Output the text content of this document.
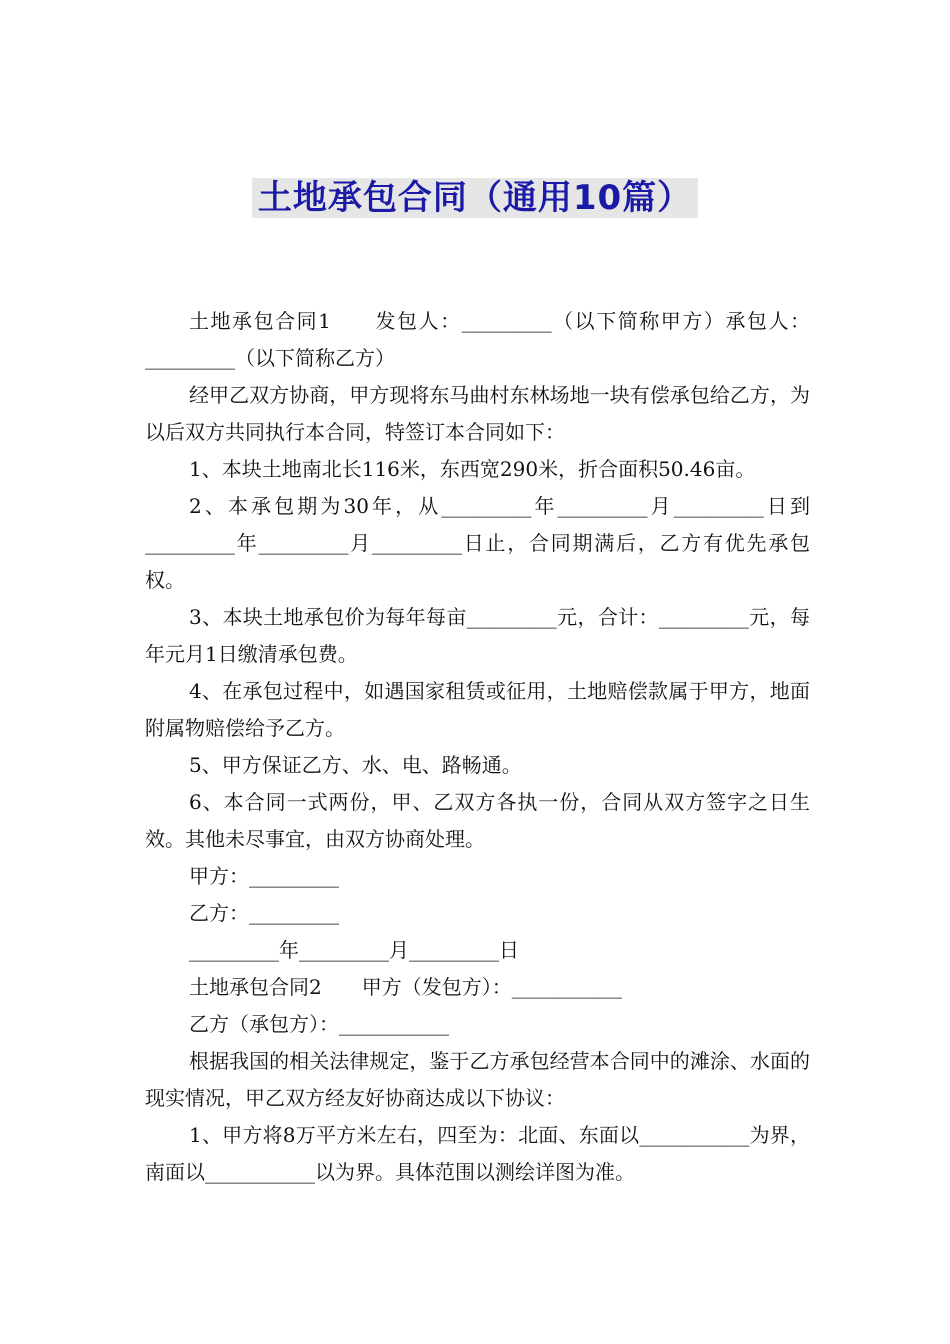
土地承包合同（通用10篇）

土地承包合同1　　发包人：_________（以下简称甲方）承包人：_________（以下简称乙方）

经甲乙双方协商，甲方现将东马曲村东林场地一块有偿承包给乙方，为以后双方共同执行本合同，特签订本合同如下：

1、本块土地南北长116米，东西宽290米，折合面积50.46亩。

2、本承包期为30年，从_________年_________月_________日到_________年_________月_________日止，合同期满后，乙方有优先承包权。

3、本块土地承包价为每年每亩_________元，合计：_________元，每年元月1日缴清承包费。

4、在承包过程中，如遇国家租赁或征用，土地赔偿款属于甲方，地面附属物赔偿给予乙方。

5、甲方保证乙方、水、电、路畅通。

6、本合同一式两份，甲、乙双方各执一份，合同从双方签字之日生效。其他未尽事宜，由双方协商处理。

甲方：_________

乙方：_________

_________年_________月_________日

土地承包合同2　　甲方（发包方）：___________

乙方（承包方）：___________

根据我国的相关法律规定，鉴于乙方承包经营本合同中的滩涂、水面的现实情况，甲乙双方经友好协商达成以下协议：

1、甲方将8万平方米左右，四至为：北面、东面以___________为界，南面以___________以为界。具体范围以测绘详图为准。
